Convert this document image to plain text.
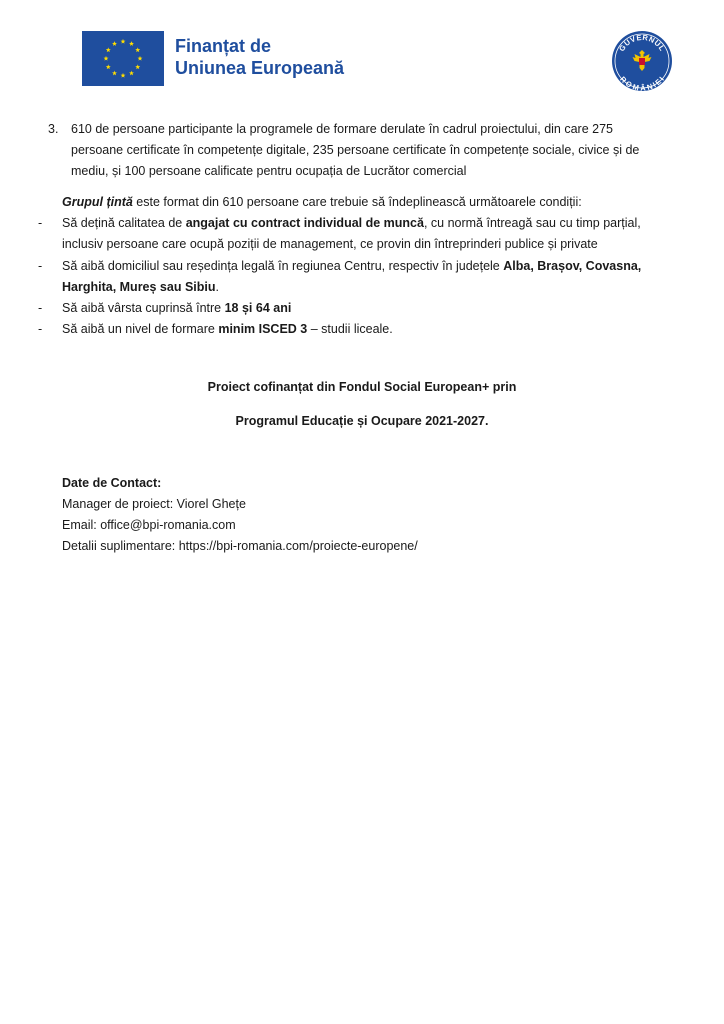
Finanțat de
Uniunea Europeană
GUVERNUL
ROMÂNIEI
3. 610 de persoane participante la programele de formare derulate în cadrul proiectului, din care 275
persoane certificate în competențe digitale, 235 persoane certificate în competențe sociale, civice și de
mediu, și 100 persoane calificate pentru ocupația de Lucrător comercial
Grupul țintă este format din 610 persoane care trebuie să îndeplinească următoarele condiții:
- Să dețină calitatea de angajat cu contract individual de muncă, cu normă întreagă sau cu timp parțial,
inclusiv persoane care ocupă poziții de management, ce provin din întreprinderi publice și private
- Să aibă domiciliul sau reședința legală în regiunea Centru, respectiv în județele Alba, Brașov, Covasna,
Harghita, Mureș sau Sibiu.
- Să aibă vârsta cuprinsă între 18 și 64 ani
- Să aibă un nivel de formare minim ISCED 3 – studii liceale.
Proiect cofinanțat din Fondul Social European+ prin
Programul Educație și Ocupare 2021-2027.
Date de Contact:
Manager de proiect: Viorel Ghețe
Email: office@bpi-romania.com
Detalii suplimentare: https://bpi-romania.com/proiecte-europene/
